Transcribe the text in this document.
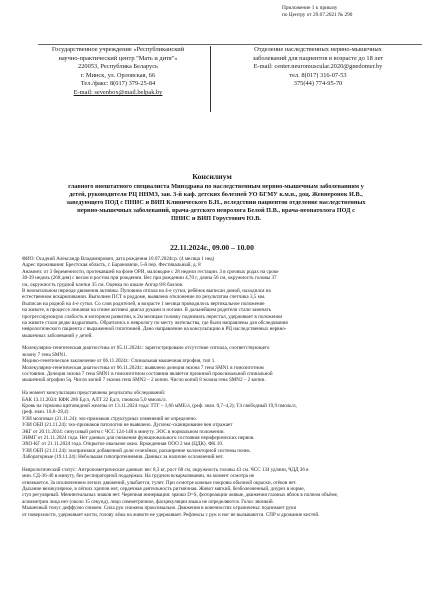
Приложение 1 к приказу
по Центру от 29.07.2021 № 290
Государственное учреждение «Республиканский
научно-практический центр "Мать и дитя"»
220053, Республика Беларусь
г. Минск, ул. Орловская, 66
Тел./факс: 8(017) 379-25-84
E-mail: sevenbox@mail.belpak.by
Отделение наследственных нервно-мышечных
заболеваний для пациентов в возрасте до 18 лет
E-mail: center.neuromuscular.2020@gnedomer.by
тел. 8(017) 316-07-53
375(44) 774-95-70
Консилиум
главного внештатного специалиста Минздрава по наследственным нервно-мышечным заболеваниям у
детей, руководителя РЦ ННМЗ, зав. 3-й каф. детских болезней УО БГМУ к.м.н., доц. Жевнеронок И.В.,
заведующего ПОД с ПНИС и ВИП Клинического Б.Н., вследствии пациентов отделение наследственных
нервно-мышечных заболеваний, врача-детского невролога Белой П.В., врача-неонатолога ПОД с
ПНИС и ВИП Горустович Ю.В.
22.11.2024г., 09.00 – 10.00
ФИО: Осадчий Александр Владимирович, дата рождения 10.07.2024г.р. (4 месяца 1 нед)
Адрес проживания: Брестская область, г. Барановичи, 5-й пер. Фестивальный, д. 8
Анамнез: от 3 беременности, протекавшей на фоне ОРИ, маловодие с 28 недели гестации. 3 в срочных родах на сроке
38-39 недель (268 дня) с весом и ростом при рождении. Вес при рождении 4,70 г, длина 56 см, окружность головы 37
см, окружность грудной клетки 35 см. Оценка по шкале Апгар 8/8 баллов.
В неонатальном периоде движения активны. Пуповина отпала на 4-е сутки, ребёнок выписан домой, находился на
естественном вскармливании. Выполнен ПСТ в роддоме, выявлено отклонение по результатам счетчика 3,5 мм.
Выписан на родной на 4-е сутки. Со слов родителей, в возрасте 1 месяца проводилось вертикальное положение
на животе, в процессе лежания на спине активно двигал руками и ногами. В дальнейшем родители стали замечать
прогрессирующую слабость в моторном развитии, к 2м месяцам головку поднимать перестал, удерживает в положении
на животе стали редко вздрагивать. Обратились к неврологу по месту жительства, где были направлены для обследования
неврологического пациента с выраженной гипотонией. Дано направление на консультацию в РЦ наследственных нервно-
мышечных заболеваний у детей.
Молекулярно-генетическая диагностика от 05.11.2024г.: зарегистрировано отсутствие сигнала, соответствующего
экзону 7 гена SMN1.
Медико-генетическое заключение от 06.11.2024г.: Спинальная мышечная атрофия, тип 1.
Молекулярно-генетическая диагностика от 06.11.2024г.: выявлено делеция экзона 7 гена SMN1 в гомозиготном
состоянии. Делеция экзона 7 гена SMN1 в гомозиготном состоянии является причиной проксимальной спинальной
мышечной атрофии 5q. Число копий 7 экзона гена SMN2 – 2 копии. Число копий 8 экзона гена SMN2 – 2 копии.
На момент консультации представлены результаты обследований:
БАК 13.11.2024: КФК 286 Ед/л, АЛТ 22 Ед/л, глюкоза 5,0 ммоль/л.
Кровь на гормоны щитовидной железы от 13.11.2024 года: ТТГ – 1,66 мМЕ/л, (реф. знач. 0,7–4,2); T4 свободный 19,9 пмоль/л,
(реф. знач. 10,8–28,4)
УЗИ мозговых (21.11.24): эхо-признаков структурных изменений не определено.
УЗИ ОБП (21.11.24): эхо-признаков патологии не выявлено. Дуплекс-сканирование вен отражает
ЭКГ от 20.11.2024: синусовый ритм с ЧСС 124-148 в минуту. ЭОС в нормальном положении.
ЭНМГ от 21.11.2024 года. Нет данных для снижения функционального состояния периферических нервов.
ЭХО-КГ от 21.11.2024 года. Открытое овальное окно. Врожденная ООО 2 мм (ЦДК). ФК 10.
УЗИ ОБП (21.11.24): эхопризнаки добавочной доли селезёнки, расширение коллекторной системы почек.
Лабораторные (19.11.24): Небольшая гипопротеинемия. Данных за наличие осложнений нет.
Неврологический статус: Антропометрические данные: вес 8,3 кг, рост 68 см, окружность головы 43 см. ЧСС 134 уд/мин, ЧДД 36 в
мин. СД-36-40 в минуту, без респираторной поддержки. На грудном вскармливании, на момент осмотра не
отвлекается. За исключением легких движений, улыбается, гулит. При осмотре кожные покровы обычной окраски, отёков нет.
Дыхание везикулярное, в лёгких хрипов нет, сердечная деятельность ритмичная. Живот мягкий, безболезненный, диурез в норме,
стул регулярный. Менингеальных знаков нет. Черепная иннервация: зрачки D=S, фотореакции живые, движения глазных яблок в полном объёме,
асимметрии лица нет (около 15 секунд), лицо симметричное, фасцикуляции языка не определяются. Голос звонкий.
Мышечный тонус диффузно снижен. Сила рук снижена проксимально. Движения в конечностях ограничены: поднимает руки
от поверхности, удерживает кисти, голову лёжа на животе не удерживает. Рефлексы с рук и ног не вызываются. СПР и дрожание кистей.
